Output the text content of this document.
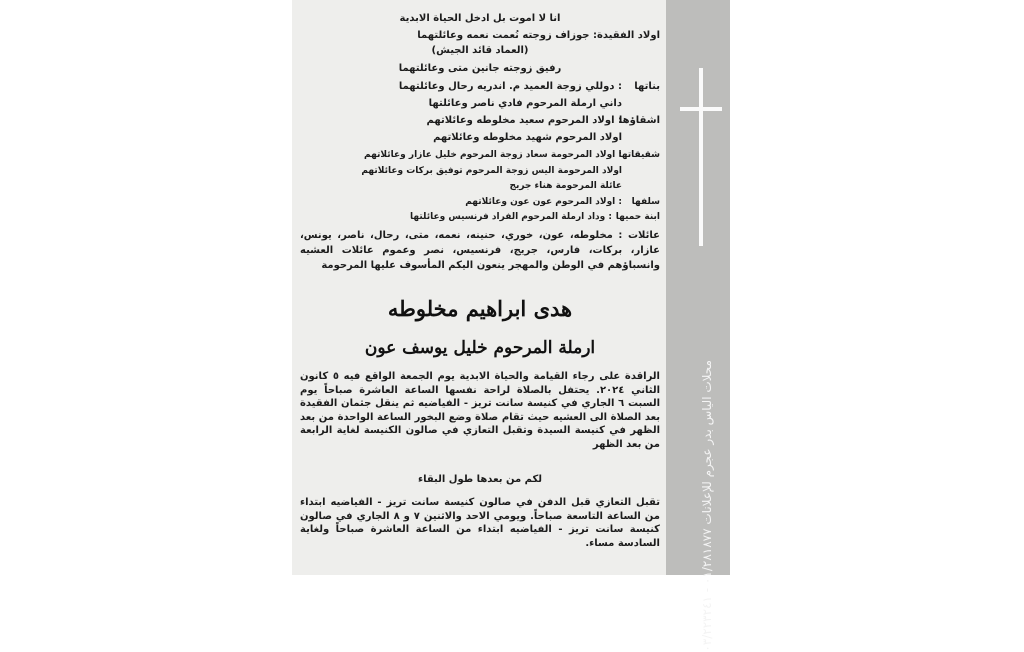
محلات الياس بدر عجرم للإعلانات ٠١/٢٨١٨٧٧ - ٠٣/٢٢٣٢٤١
انا لا اموت بل ادخل الحياة الابدية
اولاد الفقيدة: جوزاف زوجته نُعمت نعمه وعائلتهما
(العماد قائد الجيش)
رفيق زوجته جانين متى وعائلتهما
بناتها: دوللي زوجة العميد م. اندريه رحال وعائلتهما
داني ارملة المرحوم فادي ناصر وعائلتها
اشقاؤها: اولاد المرحوم سعيد مخلوطه وعائلاتهم
اولاد المرحوم شهيد مخلوطه وعائلاتهم
شقيقاتها: اولاد المرحومة سعاد زوجة المرحوم خليل عازار وعائلاتهم
اولاد المرحومة اليس زوجة المرحوم توفيق بركات وعائلاتهم
عائلة المرحومة هناء جريج
سلفها: اولاد المرحوم عون عون وعائلاتهم
ابنة حميها: وداد ارملة المرحوم الفراد فرنسيس وعائلتها
عائلات : مخلوطه، عون، خوري، حنينه، نعمه، متى، رحال، ناصر، يونس، عازار، بركات، فارس، جريج، فرنسيس، نصر وعموم عائلات العشيه وانسباؤهم في الوطن والمهجر ينعون اليكم المأسوف عليها المرحومة
هدى ابراهيم مخلوطه
ارملة المرحوم خليل يوسف عون
الراقدة على رجاء القيامة والحياة الابدية يوم الجمعة الواقع فيه ٥ كانون الثاني ٢٠٢٤. يحتفل بالصلاة لراحة نفسها الساعة العاشرة صباحاً يوم السبت ٦ الجاري في كنيسة سانت تريز - الفياضيه ثم ينقل جثمان الفقيدة بعد الصلاة الى العشيه حيث تقام صلاة وضع البخور الساعة الواحدة من بعد الظهر في كنيسة السيدة وتقبل التعازي في صالون الكنيسة لغاية الرابعة من بعد الظهر
لكم من بعدها طول البقاء
تقبل التعازي قبل الدفن في صالون كنيسة سانت تريز - الفياضيه ابتداء من الساعة التاسعة صباحاً. ويومي الاحد والاثنين ٧ و ٨ الجاري في صالون كنيسة سانت تريز - الفياضيه ابتداء من الساعة العاشرة صباحاً ولغاية السادسة مساء.
